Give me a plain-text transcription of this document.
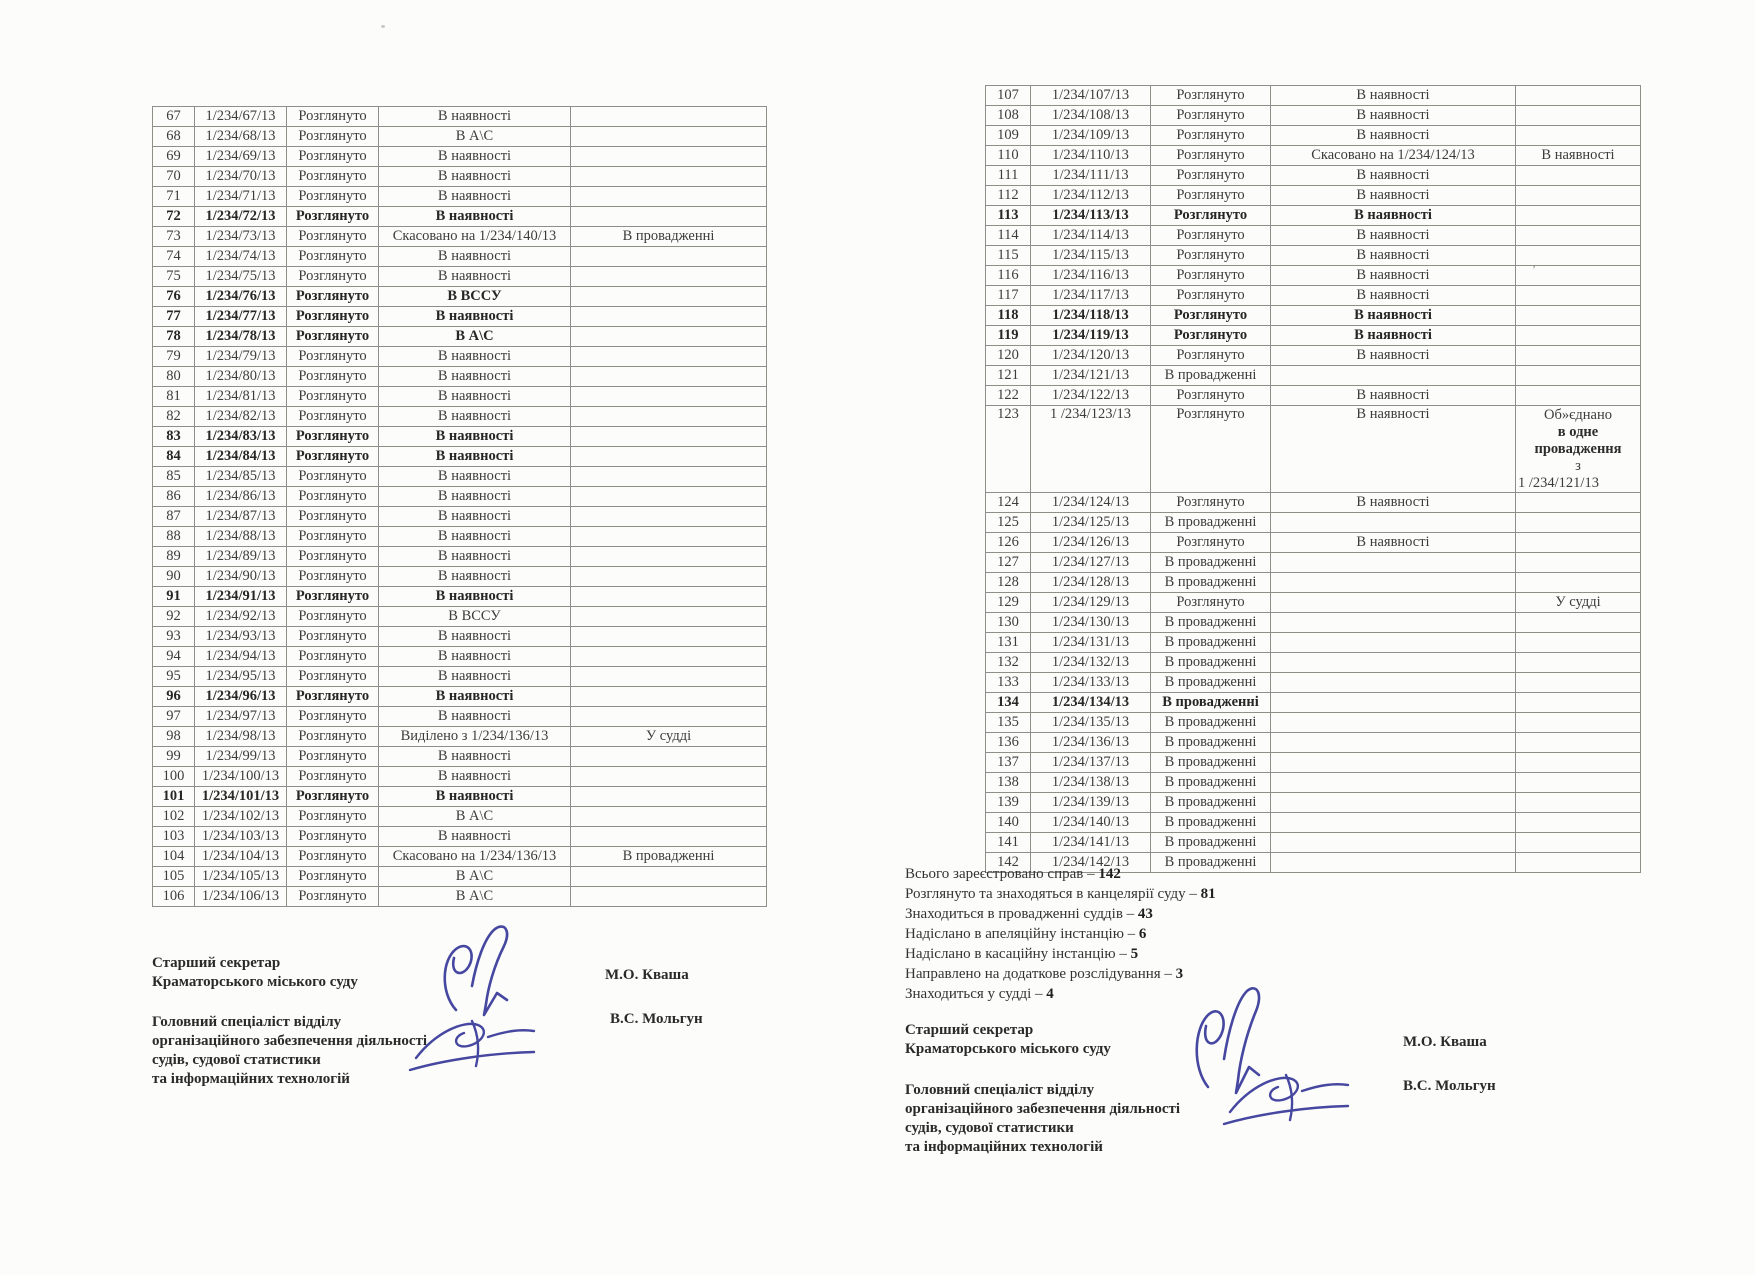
67	1/234/67/13	Розглянуто	В наявності	
68	1/234/68/13	Розглянуто	В А\С	
69	1/234/69/13	Розглянуто	В наявності	
70	1/234/70/13	Розглянуто	В наявності	
71	1/234/71/13	Розглянуто	В наявності	
72	1/234/72/13	Розглянуто	В наявності	
73	1/234/73/13	Розглянуто	Скасовано на 1/234/140/13	В провадженні
74	1/234/74/13	Розглянуто	В наявності	
75	1/234/75/13	Розглянуто	В наявності	
76	1/234/76/13	Розглянуто	В ВССУ	
77	1/234/77/13	Розглянуто	В наявності	
78	1/234/78/13	Розглянуто	В А\С	
79	1/234/79/13	Розглянуто	В наявності	
80	1/234/80/13	Розглянуто	В наявності	
81	1/234/81/13	Розглянуто	В наявності	
82	1/234/82/13	Розглянуто	В наявності	
83	1/234/83/13	Розглянуто	В наявності	
84	1/234/84/13	Розглянуто	В наявності	
85	1/234/85/13	Розглянуто	В наявності	
86	1/234/86/13	Розглянуто	В наявності	
87	1/234/87/13	Розглянуто	В наявності	
88	1/234/88/13	Розглянуто	В наявності	
89	1/234/89/13	Розглянуто	В наявності	
90	1/234/90/13	Розглянуто	В наявності	
91	1/234/91/13	Розглянуто	В наявності	
92	1/234/92/13	Розглянуто	В ВССУ	
93	1/234/93/13	Розглянуто	В наявності	
94	1/234/94/13	Розглянуто	В наявності	
95	1/234/95/13	Розглянуто	В наявності	
96	1/234/96/13	Розглянуто	В наявності	
97	1/234/97/13	Розглянуто	В наявності	
98	1/234/98/13	Розглянуто	Виділено з 1/234/136/13	У судді
99	1/234/99/13	Розглянуто	В наявності	
100	1/234/100/13	Розглянуто	В наявності	
101	1/234/101/13	Розглянуто	В наявності	
102	1/234/102/13	Розглянуто	В А\С	
103	1/234/103/13	Розглянуто	В наявності	
104	1/234/104/13	Розглянуто	Скасовано на 1/234/136/13	В провадженні
105	1/234/105/13	Розглянуто	В А\С	
106	1/234/106/13	Розглянуто	В А\С	
Старший секретар
Краматорського міського суду	М.О. Кваша
Головний спеціаліст відділу
організаційного забезпечення діяльності
судів, судової статистики
та інформаційних технологій
В.С. Мольгун
107	1/234/107/13	Розглянуто	В наявності	
108	1/234/108/13	Розглянуто	В наявності	
109	1/234/109/13	Розглянуто	В наявності	
110	1/234/110/13	Розглянуто	Скасовано на 1/234/124/13	В наявності
111	1/234/111/13	Розглянуто	В наявності	
112	1/234/112/13	Розглянуто	В наявності	
113	1/234/113/13	Розглянуто	В наявності	
114	1/234/114/13	Розглянуто	В наявності	
115	1/234/115/13	Розглянуто	В наявності	
116	1/234/116/13	Розглянуто	В наявності	
117	1/234/117/13	Розглянуто	В наявності	
118	1/234/118/13	Розглянуто	В наявності	
119	1/234/119/13	Розглянуто	В наявності	
120	1/234/120/13	Розглянуто	В наявності	
121	1/234/121/13	В провадженні		
122	1/234/122/13	Розглянуто	В наявності	
123	1 /234/123/13	Розглянуто	В наявності	Об»єднано
в одне провадження
з
1 /234/121/13

124	1/234/124/13	Розглянуто	В наявності	
125	1/234/125/13	В провадженні		
126	1/234/126/13	Розглянуто	В наявності	
127	1/234/127/13	В провадженні		
128	1/234/128/13	В провадженні		
129	1/234/129/13	Розглянуто		У судді
130	1/234/130/13	В провадженні		
131	1/234/131/13	В провадженні		
132	1/234/132/13	В провадженні		
133	1/234/133/13	В провадженні		
134	1/234/134/13	В провадженні		
135	1/234/135/13	В провадженні		
136	1/234/136/13	В провадженні		
137	1/234/137/13	В провадженні		
138	1/234/138/13	В провадженні		
139	1/234/139/13	В провадженні		
140	1/234/140/13	В провадженні		
141	1/234/141/13	В провадженні		
142	1/234/142/13	В провадженні		
Всього зареєстровано справ – 142
Розглянуто та знаходяться в канцелярії суду – 81
Знаходиться в провадженні суддів – 43
Надіслано в апеляційну інстанцію – 6
Надіслано в касаційну інстанцію – 5
Направлено на додаткове розслідування – 3
Знаходиться у судді – 4
Старший секретар
Краматорського міського суду	М.О. Кваша
Головний спеціаліст відділу
організаційного забезпечення діяльності
судів, судової статистики
та інформаційних технологій
В.С. Мольгун
’
